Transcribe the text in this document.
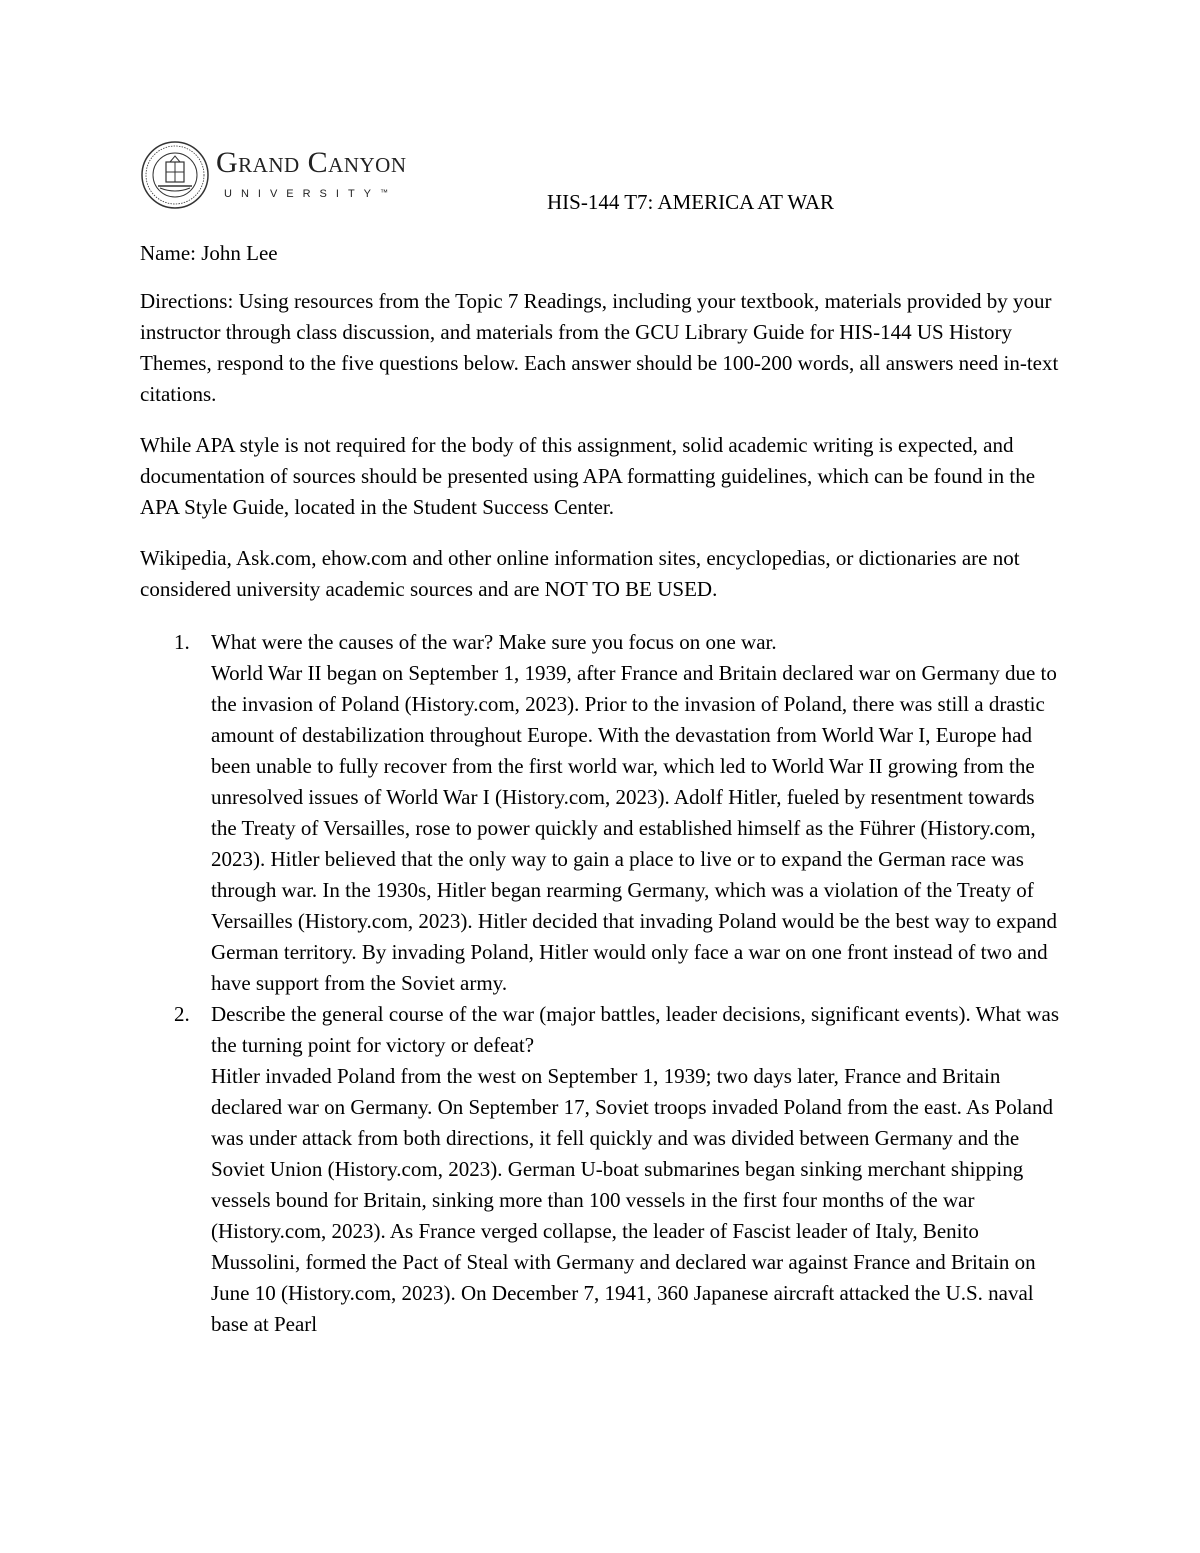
Grand Canyon
UNIVERSITY™	HIS-144 T7: AMERICA AT WAR
Name: John Lee

Directions: Using resources from the Topic 7 Readings, including your textbook, materials provided by your instructor through class discussion, and materials from the GCU Library Guide for HIS-144 US History Themes, respond to the five questions below. Each answer should be 100-200 words, all answers need in-text citations.

While APA style is not required for the body of this assignment, solid academic writing is expected, and documentation of sources should be presented using APA formatting guidelines, which can be found in the APA Style Guide, located in the Student Success Center.

Wikipedia, Ask.com, ehow.com and other online information sites, encyclopedias, or dictionaries are not considered university academic sources and are NOT TO BE USED.

1. What were the causes of the war? Make sure you focus on one war.
World War II began on September 1, 1939, after France and Britain declared war on Germany due to the invasion of Poland (History.com, 2023). Prior to the invasion of Poland, there was still a drastic amount of destabilization throughout Europe. With the devastation from World War I, Europe had been unable to fully recover from the first world war, which led to World War II growing from the unresolved issues of World War I (History.com, 2023). Adolf Hitler, fueled by resentment towards the Treaty of Versailles, rose to power quickly and established himself as the Führer (History.com, 2023). Hitler believed that the only way to gain a place to live or to expand the German race was through war. In the 1930s, Hitler began rearming Germany, which was a violation of the Treaty of Versailles (History.com, 2023). Hitler decided that invading Poland would be the best way to expand German territory. By invading Poland, Hitler would only face a war on one front instead of two and have support from the Soviet army.
2. Describe the general course of the war (major battles, leader decisions, significant events). What was the turning point for victory or defeat?
Hitler invaded Poland from the west on September 1, 1939; two days later, France and Britain declared war on Germany. On September 17, Soviet troops invaded Poland from the east. As Poland was under attack from both directions, it fell quickly and was divided between Germany and the Soviet Union (History.com, 2023). German U-boat submarines began sinking merchant shipping vessels bound for Britain, sinking more than 100 vessels in the first four months of the war (History.com, 2023). As France verged collapse, the leader of Fascist leader of Italy, Benito Mussolini, formed the Pact of Steal with Germany and declared war against France and Britain on June 10 (History.com, 2023). On December 7, 1941, 360 Japanese aircraft attacked the U.S. naval base at Pearl
